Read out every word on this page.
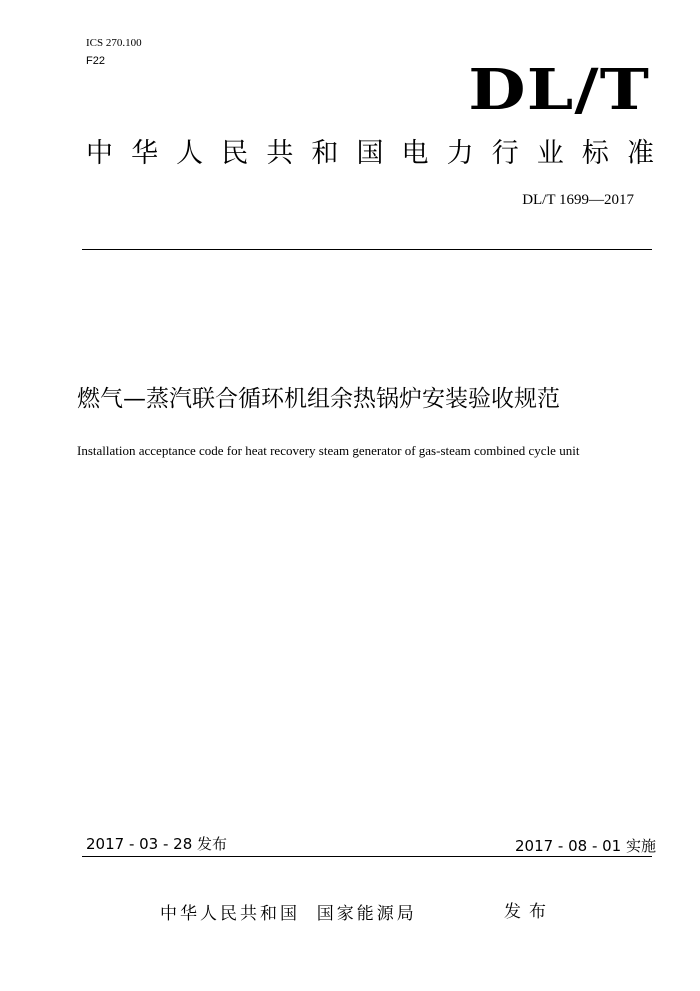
ICS 270.100
F22	DL/T
中 华 人 民 共 和 国 电 力 行 业 标 准
DL/T 1699—2017
燃气—蒸汽联合循环机组余热锅炉安装验收规范
Installation acceptance code for heat recovery steam generator of gas-steam combined cycle unit
2017 - 03 - 28 发布	2017 - 08 - 01 实施
中华人民共和国  国家能源局	发布
